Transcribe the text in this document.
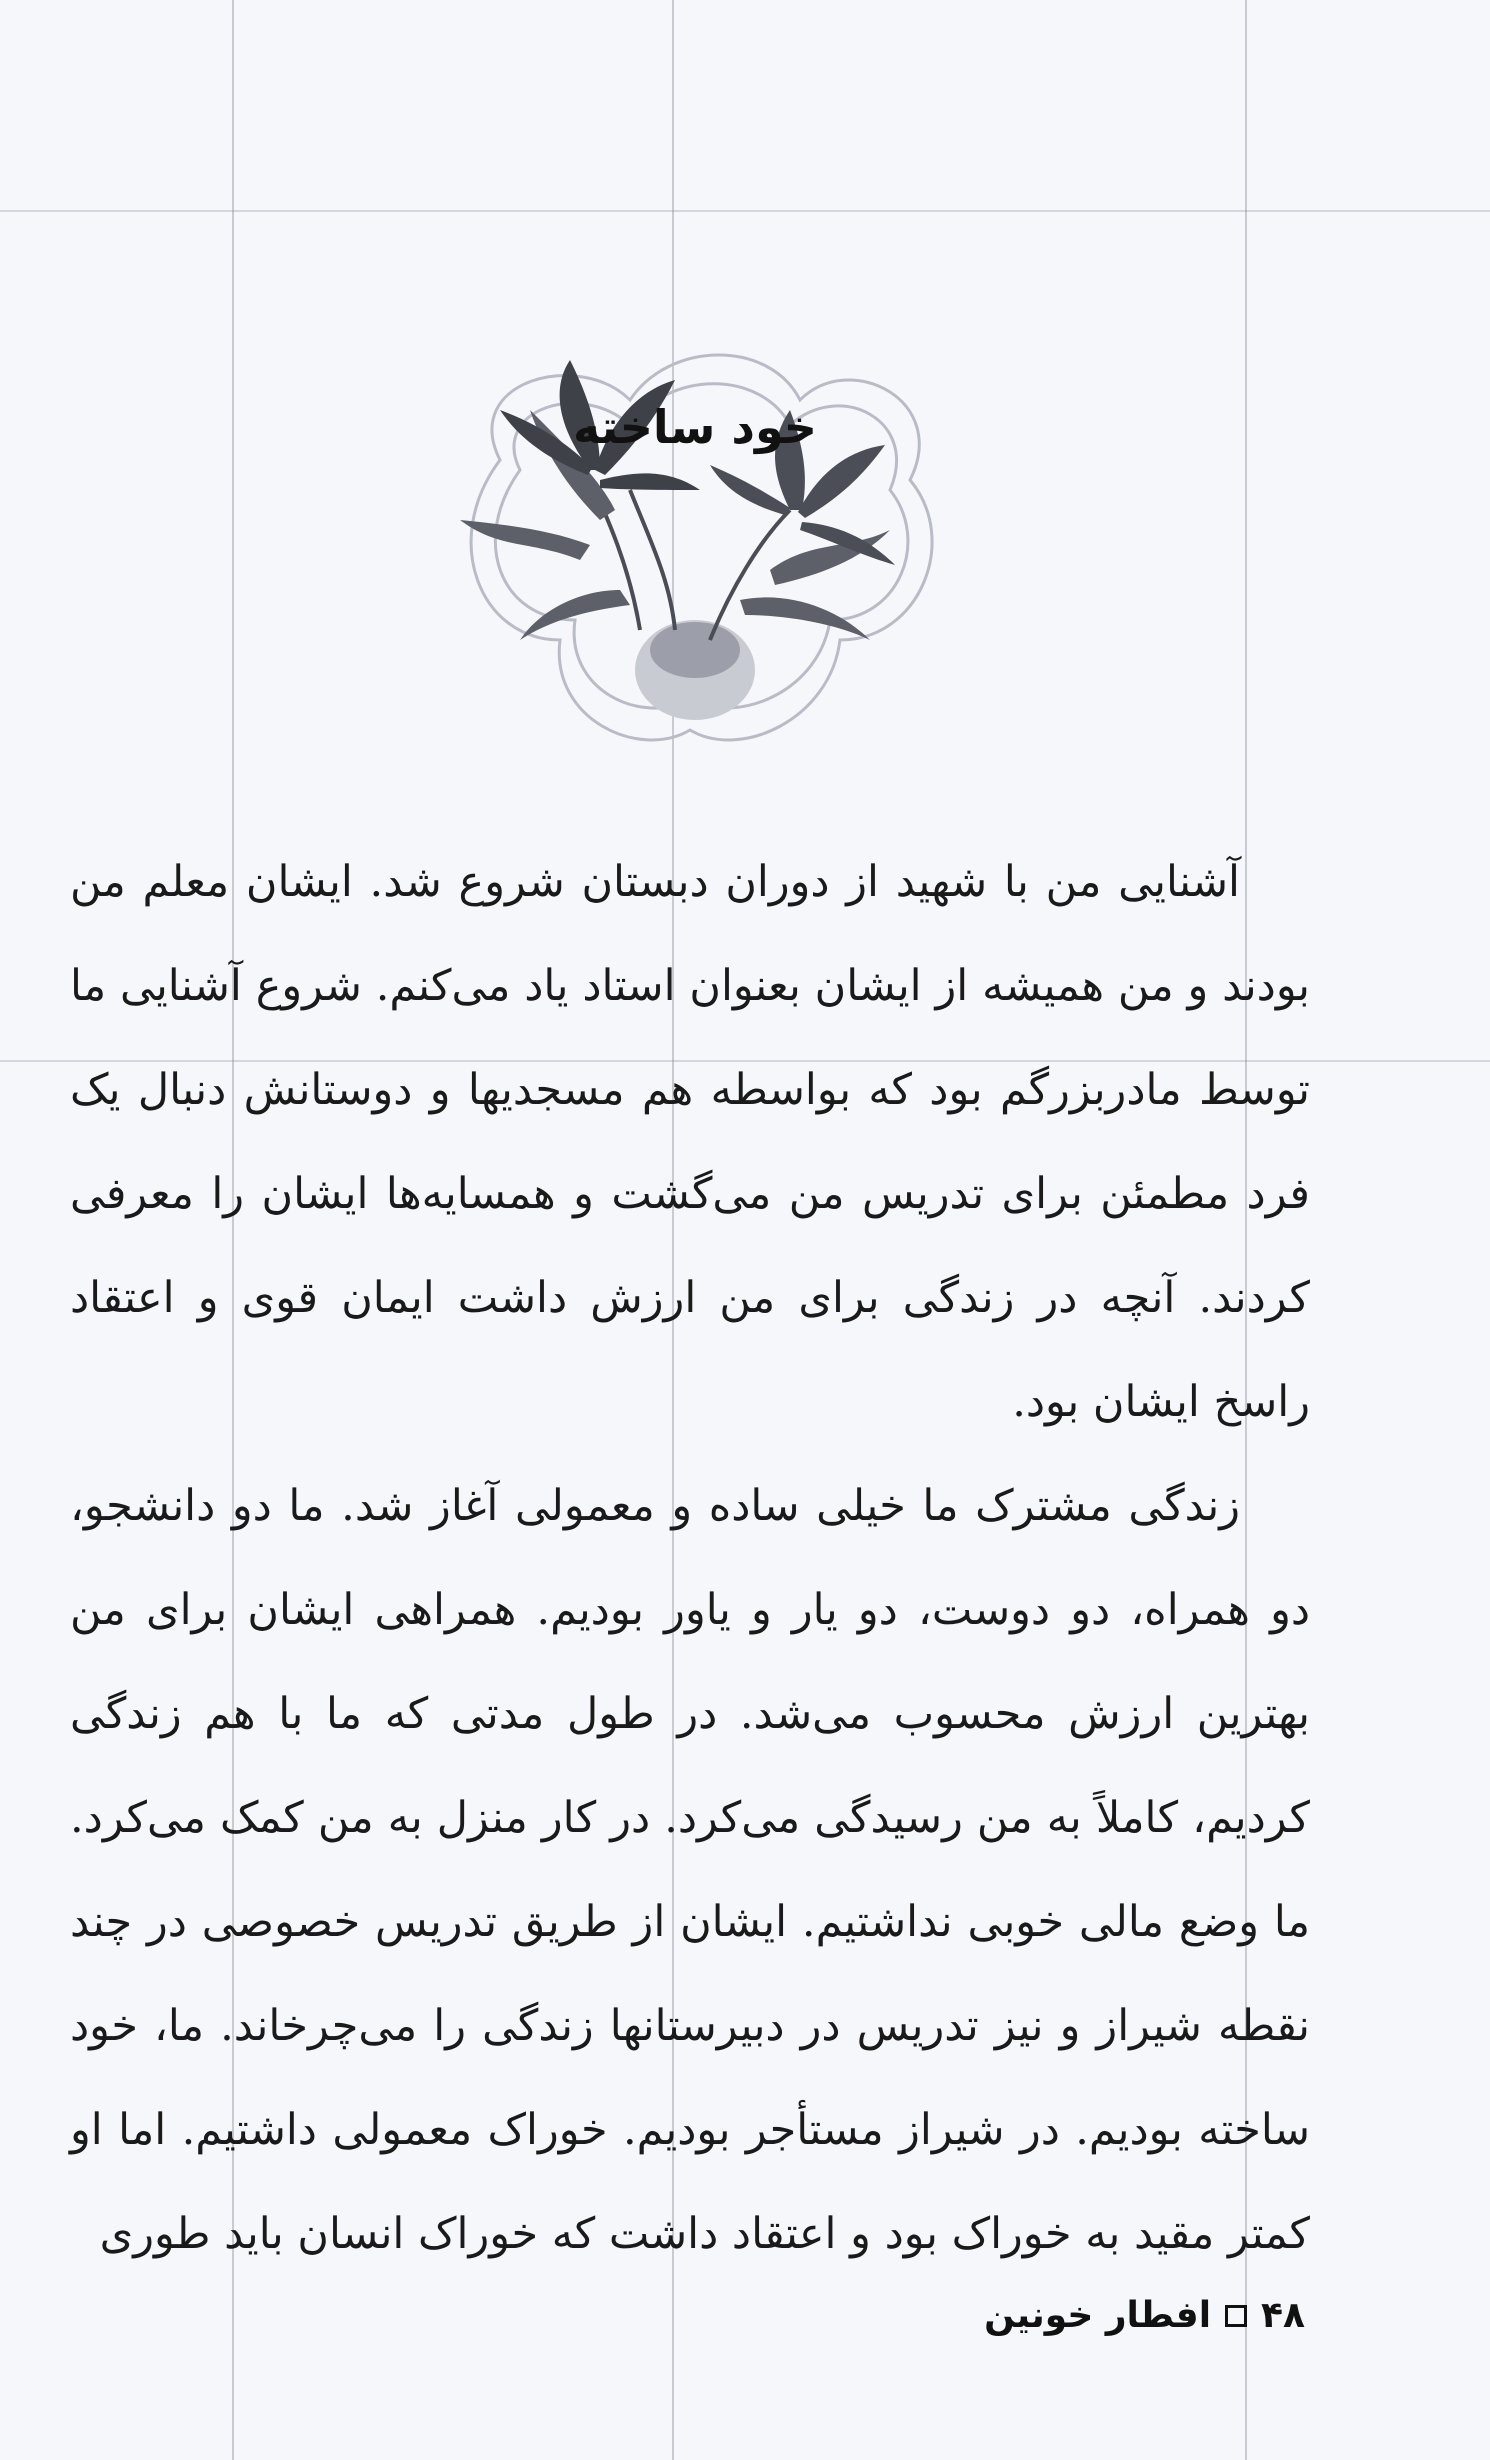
خود ساخته

آشنایی من با شهید از دوران دبستان شروع شد. ایشان معلم من بودند و من همیشه از ایشان بعنوان استاد یاد می‌کنم. شروع آشنایی ما توسط مادربزرگم بود که بواسطه هم مسجدیها و دوستانش دنبال یک فرد مطمئن برای تدریس من می‌گشت و همسایه‌ها ایشان را معرفی کردند. آنچه در زندگی برای من ارزش داشت ایمان قوی و اعتقاد راسخ ایشان بود.

زندگی مشترک ما خیلی ساده و معمولی آغاز شد. ما دو دانشجو، دو همراه، دو دوست، دو یار و یاور بودیم. همراهی ایشان برای من بهترین ارزش محسوب می‌شد. در طول مدتی که ما با هم زندگی کردیم، کاملاً به من رسیدگی می‌کرد. در کار منزل به من کمک می‌کرد. ما وضع مالی خوبی نداشتیم. ایشان از طریق تدریس خصوصی در چند نقطه شیراز و نیز تدریس در دبیرستانها زندگی را می‌چرخاند. ما، خود ساخته بودیم. در شیراز مستأجر بودیم. خوراک معمولی داشتیم. اما او کمتر مقید به خوراک بود و اعتقاد داشت که خوراک انسان باید طوری

۴۸
افطار خونین
